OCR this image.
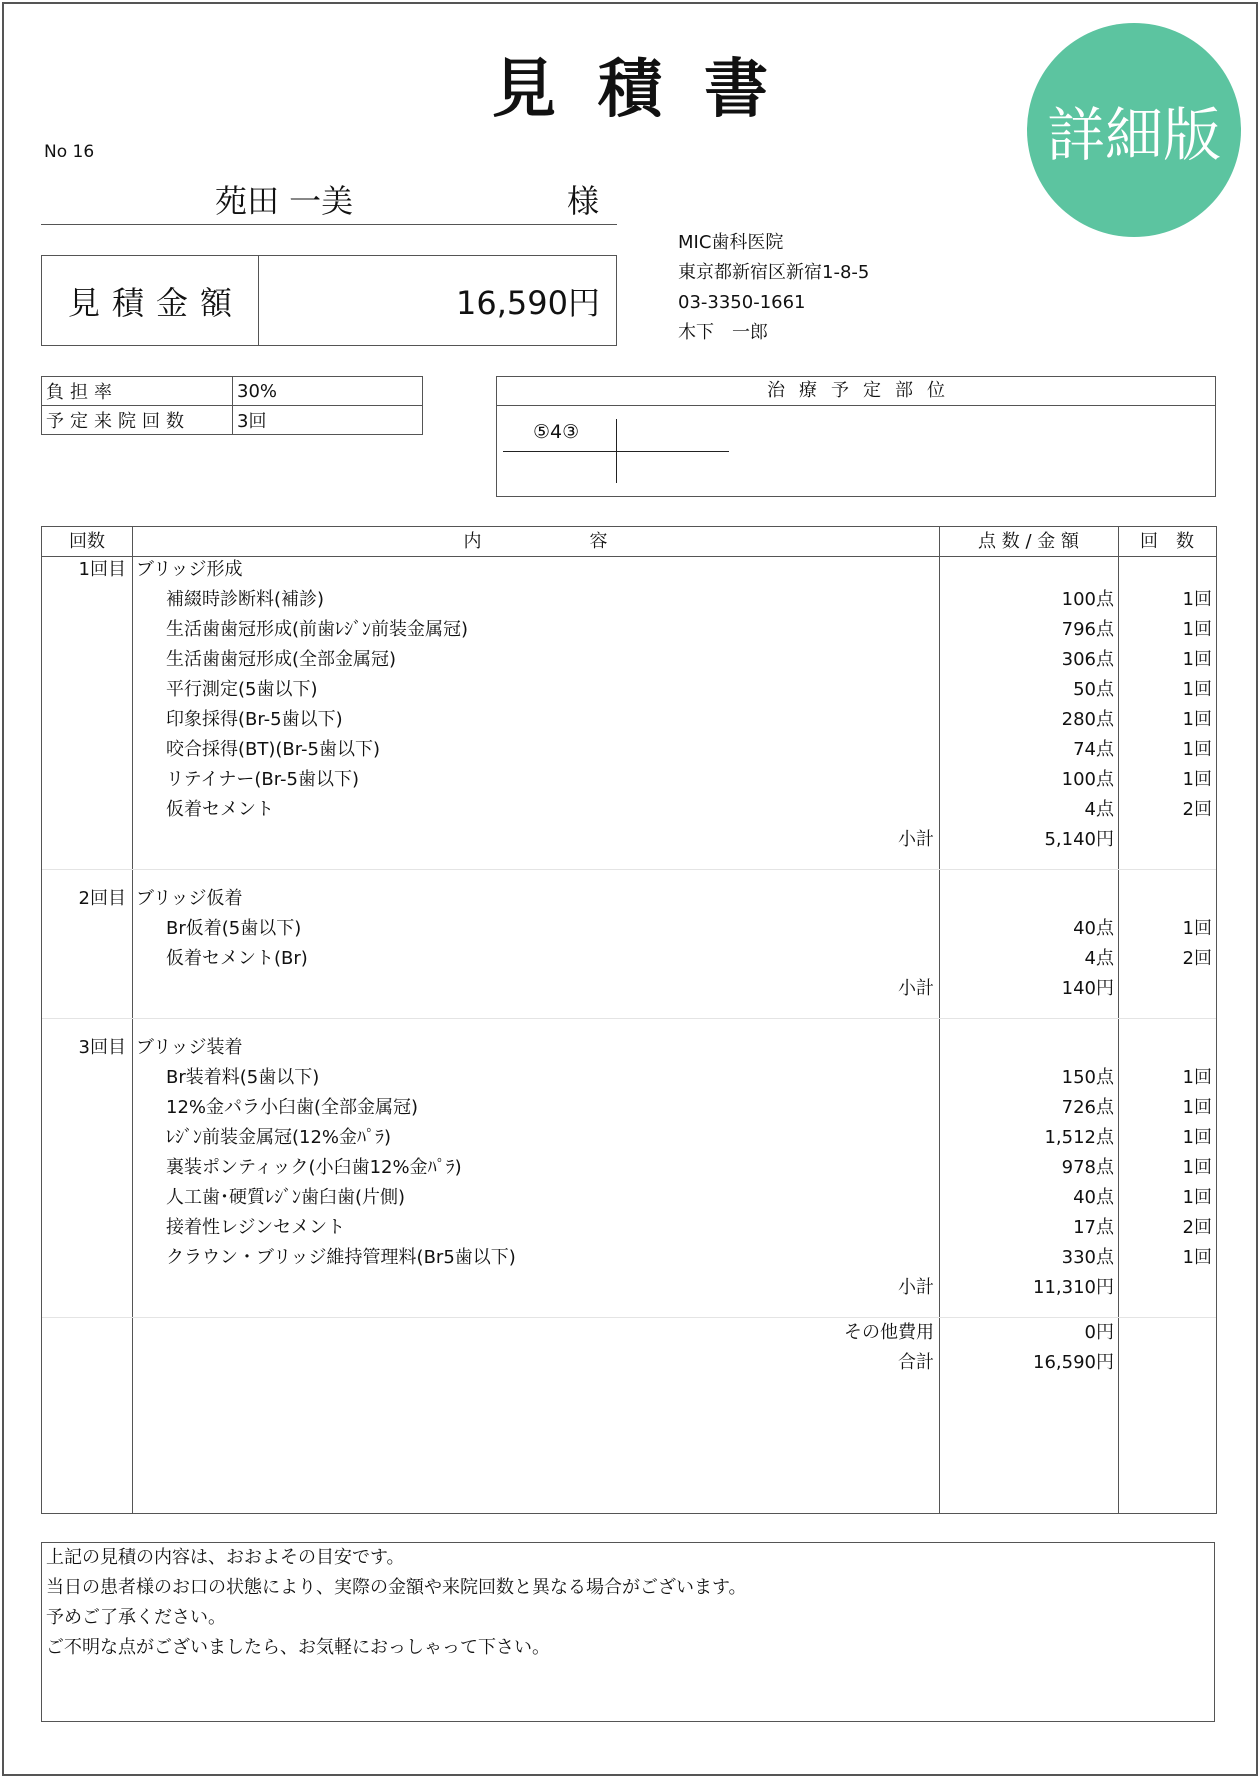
見積書
詳細版
No 16
苑田 一美	様
見積金額	16,590円
MIC歯科医院
東京都新宿区新宿1-8-5
03-3350-1661
木下　一郎
負担率	30%
予定来院回数	3回
治療予定部位
⑤4③
回数	内　　　　　　容	点 数 / 金 額	回　数
1回目 ブリッジ形成
補綴時診断料(補診)	100点	1回
生活歯歯冠形成(前歯ﾚｼﾞﾝ前装金属冠)	796点	1回
生活歯歯冠形成(全部金属冠)	306点	1回
平行測定(5歯以下)	50点	1回
印象採得(Br-5歯以下)	280点	1回
咬合採得(BT)(Br-5歯以下)	74点	1回
リテイナー(Br-5歯以下)	100点	1回
仮着セメント	4点	2回
小計	5,140円
2回目 ブリッジ仮着
Br仮着(5歯以下)	40点	1回
仮着セメント(Br)	4点	2回
小計	140円
3回目 ブリッジ装着
Br装着料(5歯以下)	150点	1回
12%金パラ小臼歯(全部金属冠)	726点	1回
ﾚｼﾞﾝ前装金属冠(12%金ﾊﾟﾗ)	1,512点	1回
裏装ポンティック(小臼歯12%金ﾊﾟﾗ)	978点	1回
人工歯･硬質ﾚｼﾞﾝ歯臼歯(片側)	40点	1回
接着性レジンセメント	17点	2回
クラウン・ブリッジ維持管理料(Br5歯以下)	330点	1回
小計	11,310円
その他費用	0円
合計	16,590円
上記の見積の内容は、おおよその目安です。
当日の患者様のお口の状態により、実際の金額や来院回数と異なる場合がございます。
予めご了承ください。
ご不明な点がございましたら、お気軽におっしゃって下さい。
